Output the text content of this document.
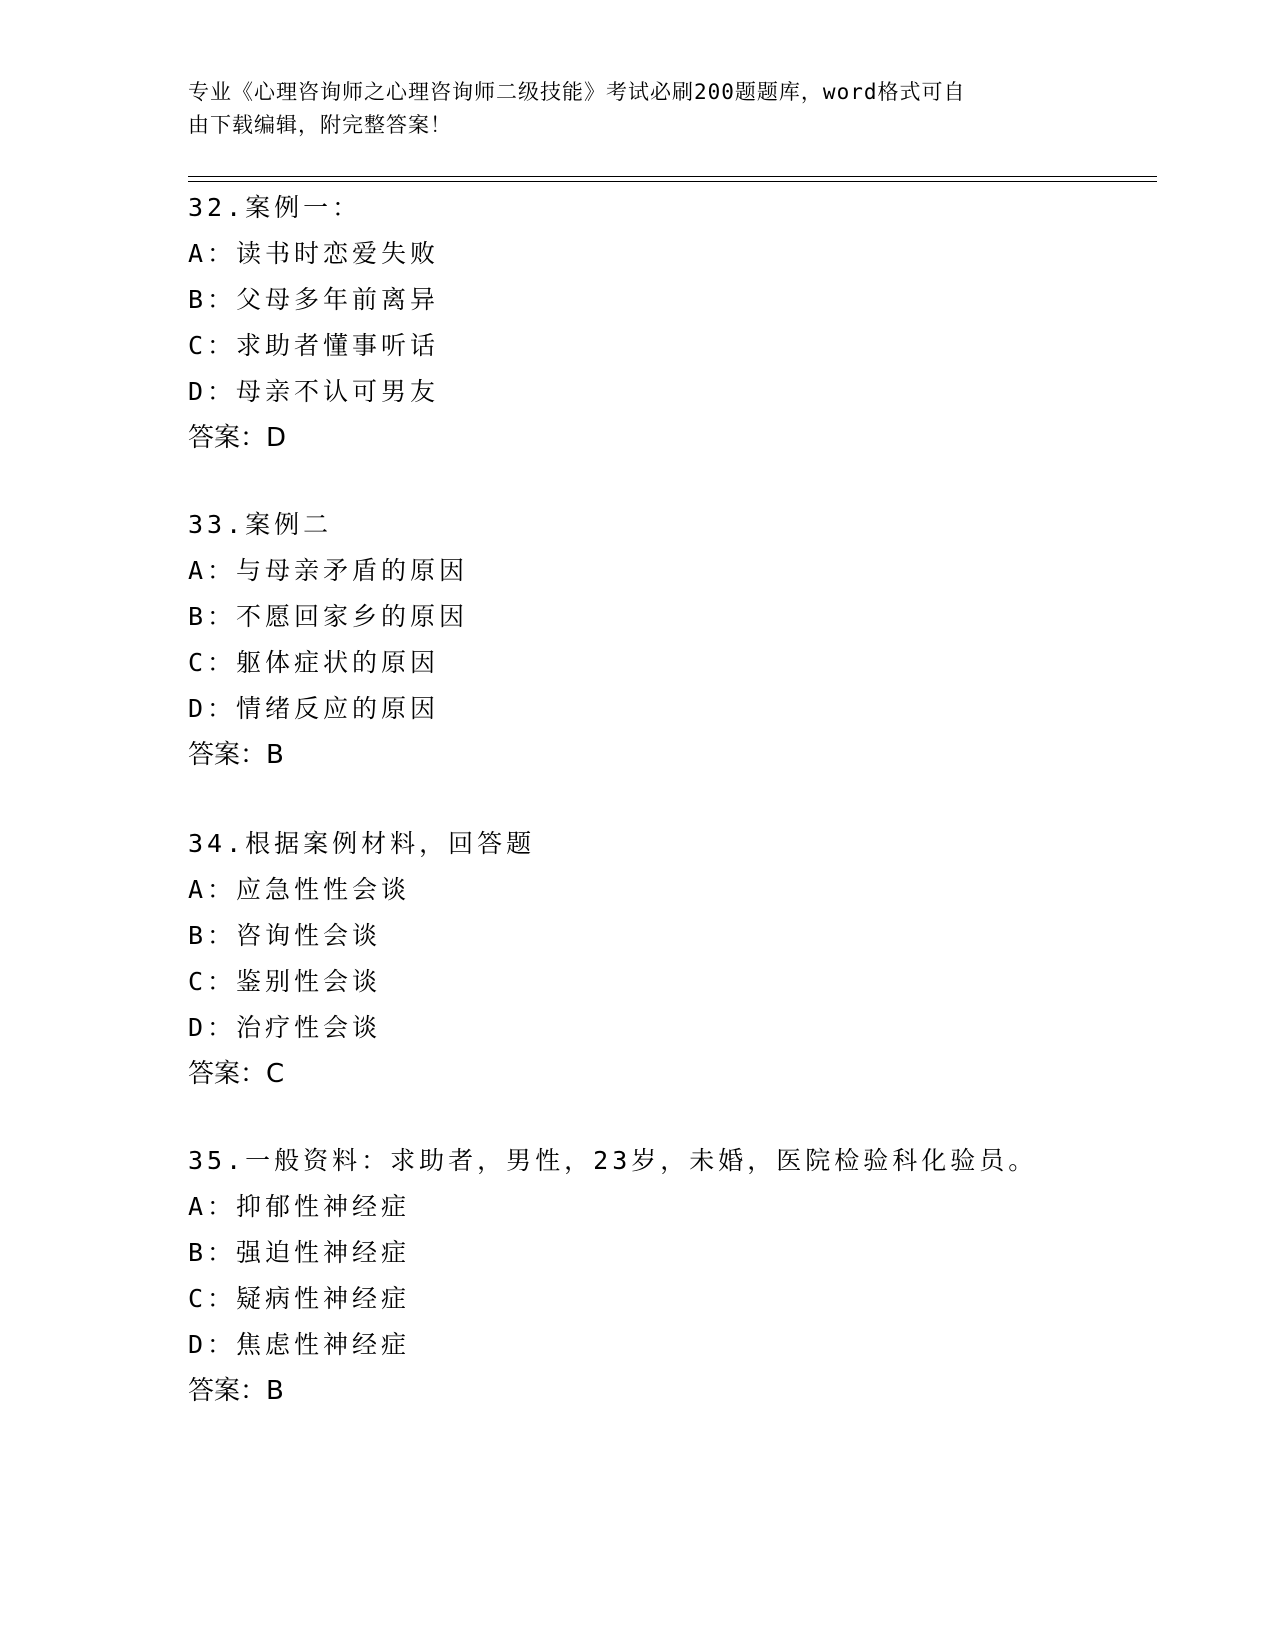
专业《心理咨询师之心理咨询师二级技能》考试必刷200题题库，word格式可自
由下载编辑，附完整答案！
32.案例一：
A：读书时恋爱失败
B：父母多年前离异
C：求助者懂事听话
D：母亲不认可男友
答案：D
33.案例二
A：与母亲矛盾的原因
B：不愿回家乡的原因
C：躯体症状的原因
D：情绪反应的原因
答案：B
34.根据案例材料，回答题
A：应急性性会谈
B：咨询性会谈
C：鉴别性会谈
D：治疗性会谈
答案：C
35.一般资料：求助者，男性，23岁，未婚，医院检验科化验员。
A：抑郁性神经症
B：强迫性神经症
C：疑病性神经症
D：焦虑性神经症
答案：B
